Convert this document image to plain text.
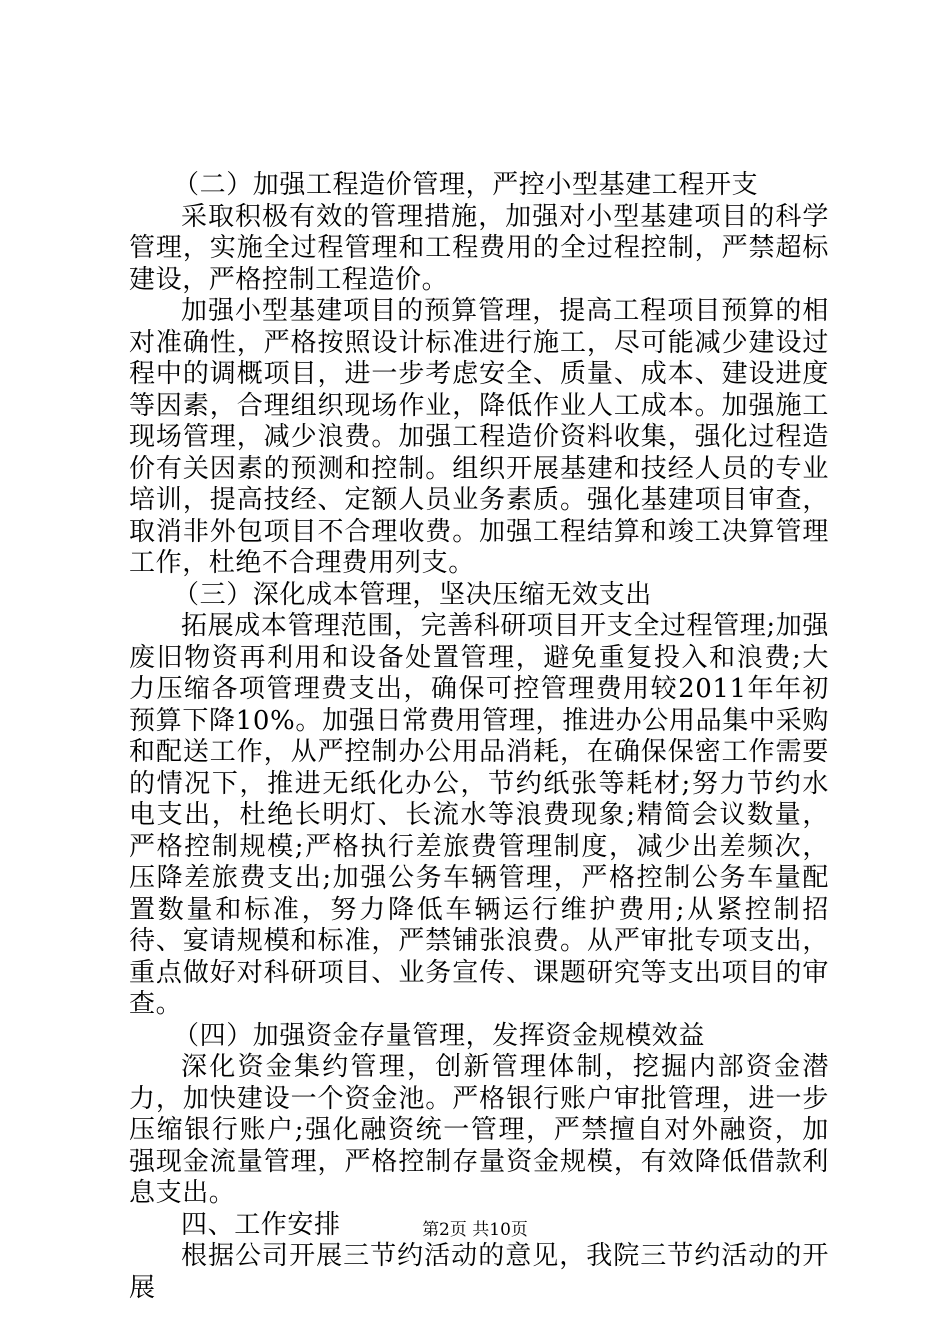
（二）加强工程造价管理，严控小型基建工程开支

采取积极有效的管理措施，加强对小型基建项目的科学管理，实施全过程管理和工程费用的全过程控制，严禁超标建设，严格控制工程造价。

加强小型基建项目的预算管理，提高工程项目预算的相对准确性，严格按照设计标准进行施工，尽可能减少建设过程中的调概项目，进一步考虑安全、质量、成本、建设进度等因素，合理组织现场作业，降低作业人工成本。加强施工现场管理，减少浪费。加强工程造价资料收集，强化过程造价有关因素的预测和控制。组织开展基建和技经人员的专业培训，提高技经、定额人员业务素质。强化基建项目审查，取消非外包项目不合理收费。加强工程结算和竣工决算管理工作，杜绝不合理费用列支。

（三）深化成本管理，坚决压缩无效支出

拓展成本管理范围，完善科研项目开支全过程管理;加强废旧物资再利用和设备处置管理，避免重复投入和浪费;大力压缩各项管理费支出，确保可控管理费用较2011年年初预算下降10%。加强日常费用管理，推进办公用品集中采购和配送工作，从严控制办公用品消耗，在确保保密工作需要的情况下，推进无纸化办公，节约纸张等耗材;努力节约水电支出，杜绝长明灯、长流水等浪费现象;精简会议数量，严格控制规模;严格执行差旅费管理制度，减少出差频次，压降差旅费支出;加强公务车辆管理，严格控制公务车量配置数量和标准，努力降低车辆运行维护费用;从紧控制招待、宴请规模和标准，严禁铺张浪费。从严审批专项支出，重点做好对科研项目、业务宣传、课题研究等支出项目的审查。

（四）加强资金存量管理，发挥资金规模效益

深化资金集约管理，创新管理体制，挖掘内部资金潜力，加快建设一个资金池。严格银行账户审批管理，进一步压缩银行账户;强化融资统一管理，严禁擅自对外融资，加强现金流量管理，严格控制存量资金规模，有效降低借款利息支出。

四、工作安排

根据公司开展三节约活动的意见，我院三节约活动的开展

第2页 共10页
